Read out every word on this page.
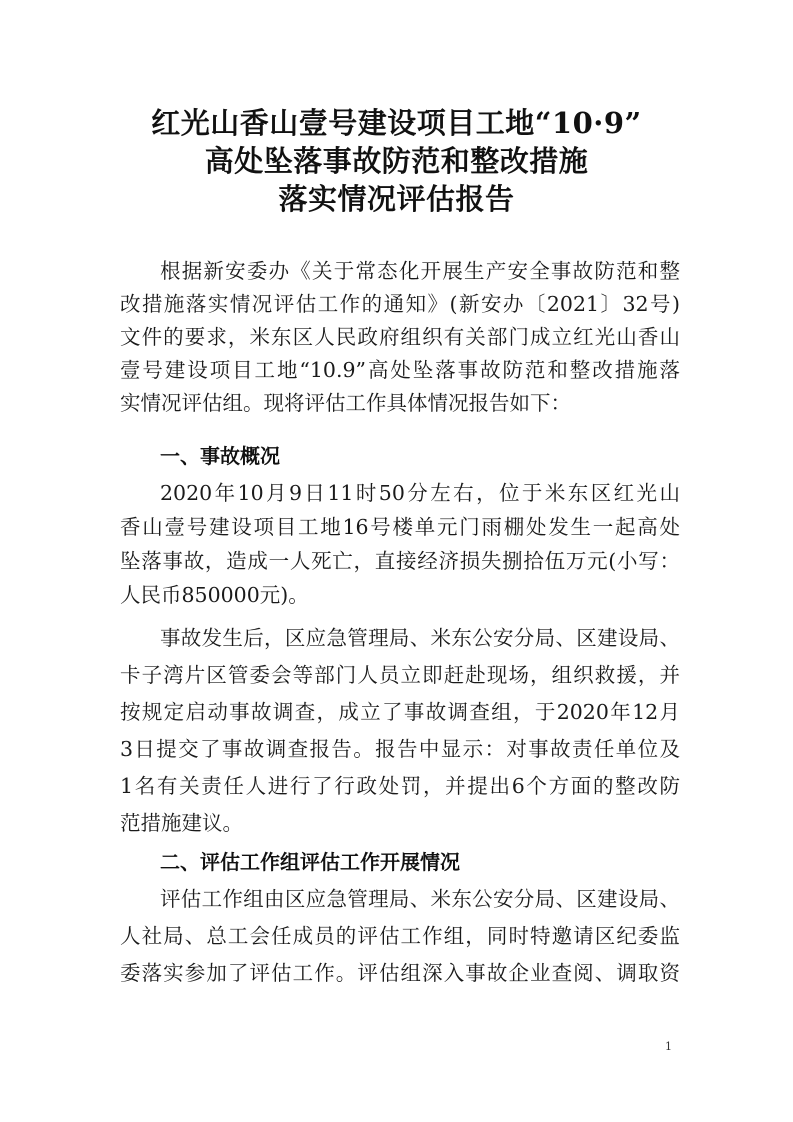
红光山香山壹号建设项目工地“10·9”
高处坠落事故防范和整改措施
落实情况评估报告
根据新安委办《关于常态化开展生产安全事故防范和整
改措施落实情况评估工作的通知》(新安办〔2021〕32号)
文件的要求，米东区人民政府组织有关部门成立红光山香山
壹号建设项目工地“10.9”高处坠落事故防范和整改措施落
实情况评估组。现将评估工作具体情况报告如下：
一、事故概况
2020年10月9日11时50分左右，位于米东区红光山
香山壹号建设项目工地16号楼单元门雨棚处发生一起高处
坠落事故，造成一人死亡，直接经济损失捌拾伍万元(小写：
人民币850000元)。
事故发生后，区应急管理局、米东公安分局、区建设局、
卡子湾片区管委会等部门人员立即赶赴现场，组织救援，并
按规定启动事故调查，成立了事故调查组，于2020年12月
3日提交了事故调查报告。报告中显示：对事故责任单位及
1名有关责任人进行了行政处罚，并提出6个方面的整改防
范措施建议。
二、评估工作组评估工作开展情况
评估工作组由区应急管理局、米东公安分局、区建设局、
人社局、总工会任成员的评估工作组，同时特邀请区纪委监
委落实参加了评估工作。评估组深入事故企业查阅、调取资
1
